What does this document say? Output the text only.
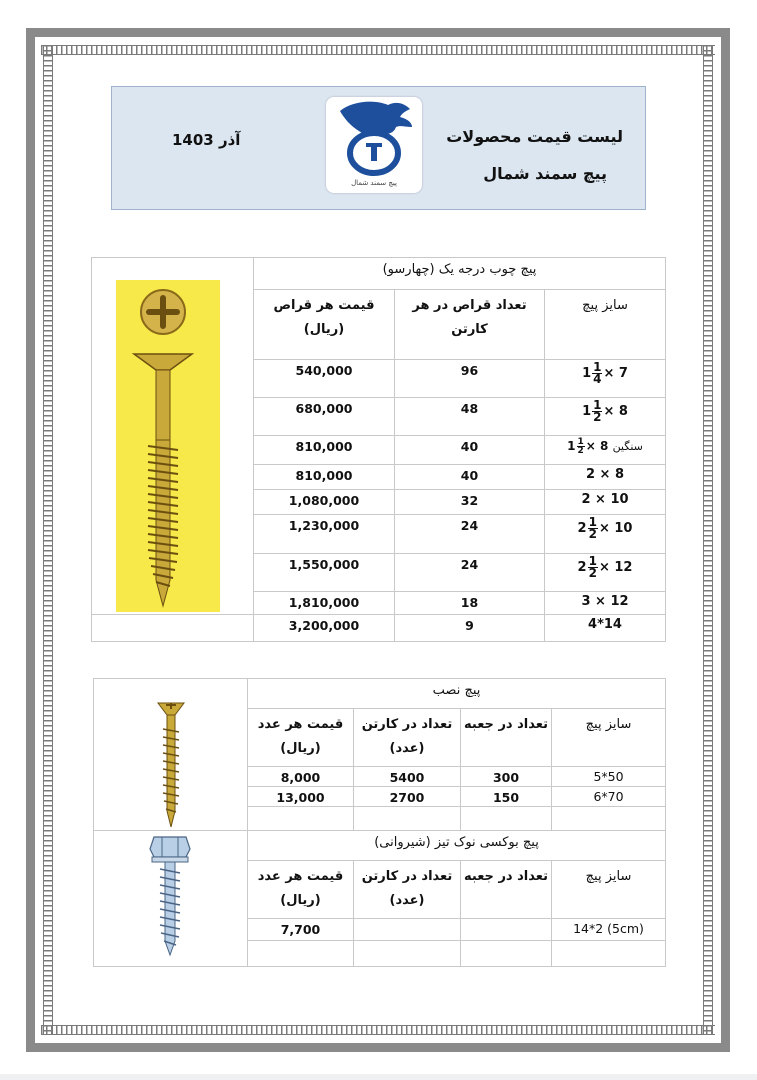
لیست قیمت محصولات
پیچ سمند شمال
آذر 1403
پیچ سمند شمال
	پیچ چوب درجه یک (چهارسو)		
	قیمت هر قراص (ریال)	تعداد قراص در هر کارتن	سایز پیچ
	540,000	96	$1 \frac{1}{4} \times 7$
	680,000	48	$1 \frac{1}{2} \times 8$
	810,000	40	$1 \frac{1}{2} \times 8$ سنگین
	810,000	40	2 × 8
	1,080,000	32	2 × 10
	1,230,000	24	$2 \frac{1}{2} \times 10$
	1,550,000	24	$2 \frac{1}{2} \times 12$
	1,810,000	18	3 × 12
	3,200,000	9	4*14
	پیچ نصب			
	قیمت هر عدد (ریال)	تعداد در کارتن (عدد)	تعداد در جعبه	سایز پیچ
	8,000	5400	300	5*50
	13,000	2700	150	6*70

	پیچ بوکسی نوک تیز (شیروانی)			
	قیمت هر عدد (ریال)	تعداد در کارتن (عدد)	تعداد در جعبه	سایز پیچ
	7,700			14*2 (5cm)
